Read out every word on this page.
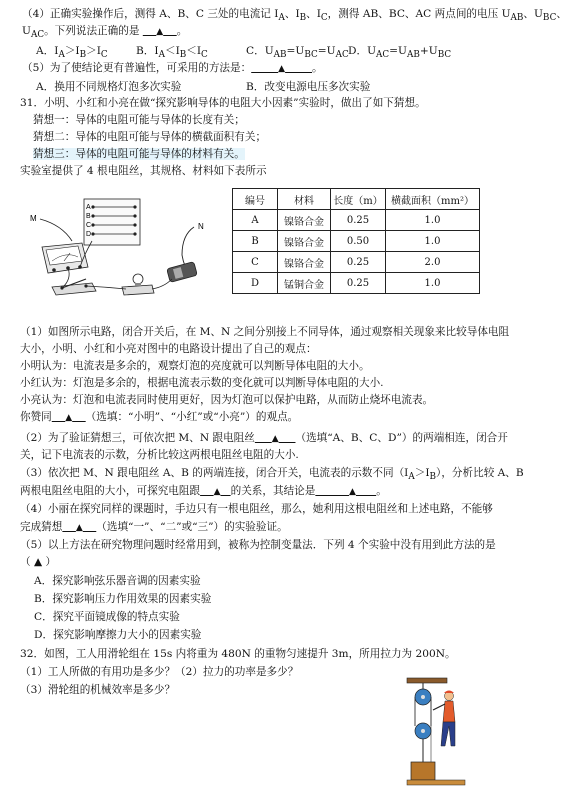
（4）正确实验操作后，测得 A、B、C 三处的电流记 $I_A$、$I_B$、$I_C$，测得 AB、BC、AC 两点间的电压 $U_{AB}$、$U_{BC}$、
$U_{AC}$。下列说法正确的是 ▲ 。
A．$I_A>I_B>I_C$	B．$I_A<I_B<I_C$	C．$U_{AB}=U_{BC}=U_{AC}$ D．$U_{AC}=U_{AB}+U_{BC}$
（5）为了使结论更有普遍性，可采用的方法是：	▲	。
A．换用不同规格灯泡多次实验	B．改变电源电压多次实验
31．小明、小红和小亮在做“探究影响导体的电阻大小因素”实验时，做出了如下猜想。
猜想一：导体的电阻可能与导体的长度有关；
猜想二：导体的电阻可能与导体的横截面积有关；
猜想三：导体的电阻可能与导体的材料有关。
实验室提供了 4 根电阻丝，其规格、材料如下表所示
A
B
C
D
M
N
编号	材料	长度（m）	横截面积（mm²）
A	镍铬合金	0.25	1.0
B	镍铬合金	0.50	1.0
C	镍铬合金	0.25	2.0
D	锰铜合金	0.25	1.0
（1）如图所示电路，闭合开关后，在 M、N 之间分别接上不同导体，通过观察相关现象来比较导体电阻
大小，小明、小红和小亮对图中的电路设计提出了自己的观点：
小明认为：电流表是多余的，观察灯泡的亮度就可以判断导体电阻的大小。
小红认为：灯泡是多余的，根据电流表示数的变化就可以判断导体电阻的大小.
小亮认为：灯泡和电流表同时使用更好，因为灯泡可以保护电路，从而防止烧坏电流表。
你赞同 ▲ （选填：“小明”、“小红”或“小亮”）的观点。
（2）为了验证猜想三，可依次把 M、N 跟电阻丝 ▲ （选填“A、B、C、D”）的两端相连，闭合开
关，记下电流表的示数，分析比较这两根电阻丝电阻的大小.
（3）依次把 M、N 跟电阻丝 A、B 的两端连接，闭合开关，电流表的示数不同$(I_A>I_B)$，分析比较 A、B
两根电阻丝电阻的大小，可探究电阻跟 ▲ 的关系，其结论是	▲ 。
（4）小丽在探究同样的课题时，手边只有一根电阻丝，那么，她利用这根电阻丝和上述电路，不能够
完成猜想 ▲ （选填“一”、“二”或“三”）的实验验证。
（5）以上方法在研究物理问题时经常用到，被称为控制变量法．下列 4 个实验中没有用到此方法的是
（ ▲ ）
A．探究影响弦乐器音调的因素实验
B．探究影响压力作用效果的因素实验
C．探究平面镜成像的特点实验
D．探究影响摩擦力大小的因素实验
32．如图，工人用滑轮组在 15s 内将重为 480N 的重物匀速提升 3m，所用拉力为 200N。
（1）工人所做的有用功是多少？（2）拉力的功率是多少？
（3）滑轮组的机械效率是多少？
